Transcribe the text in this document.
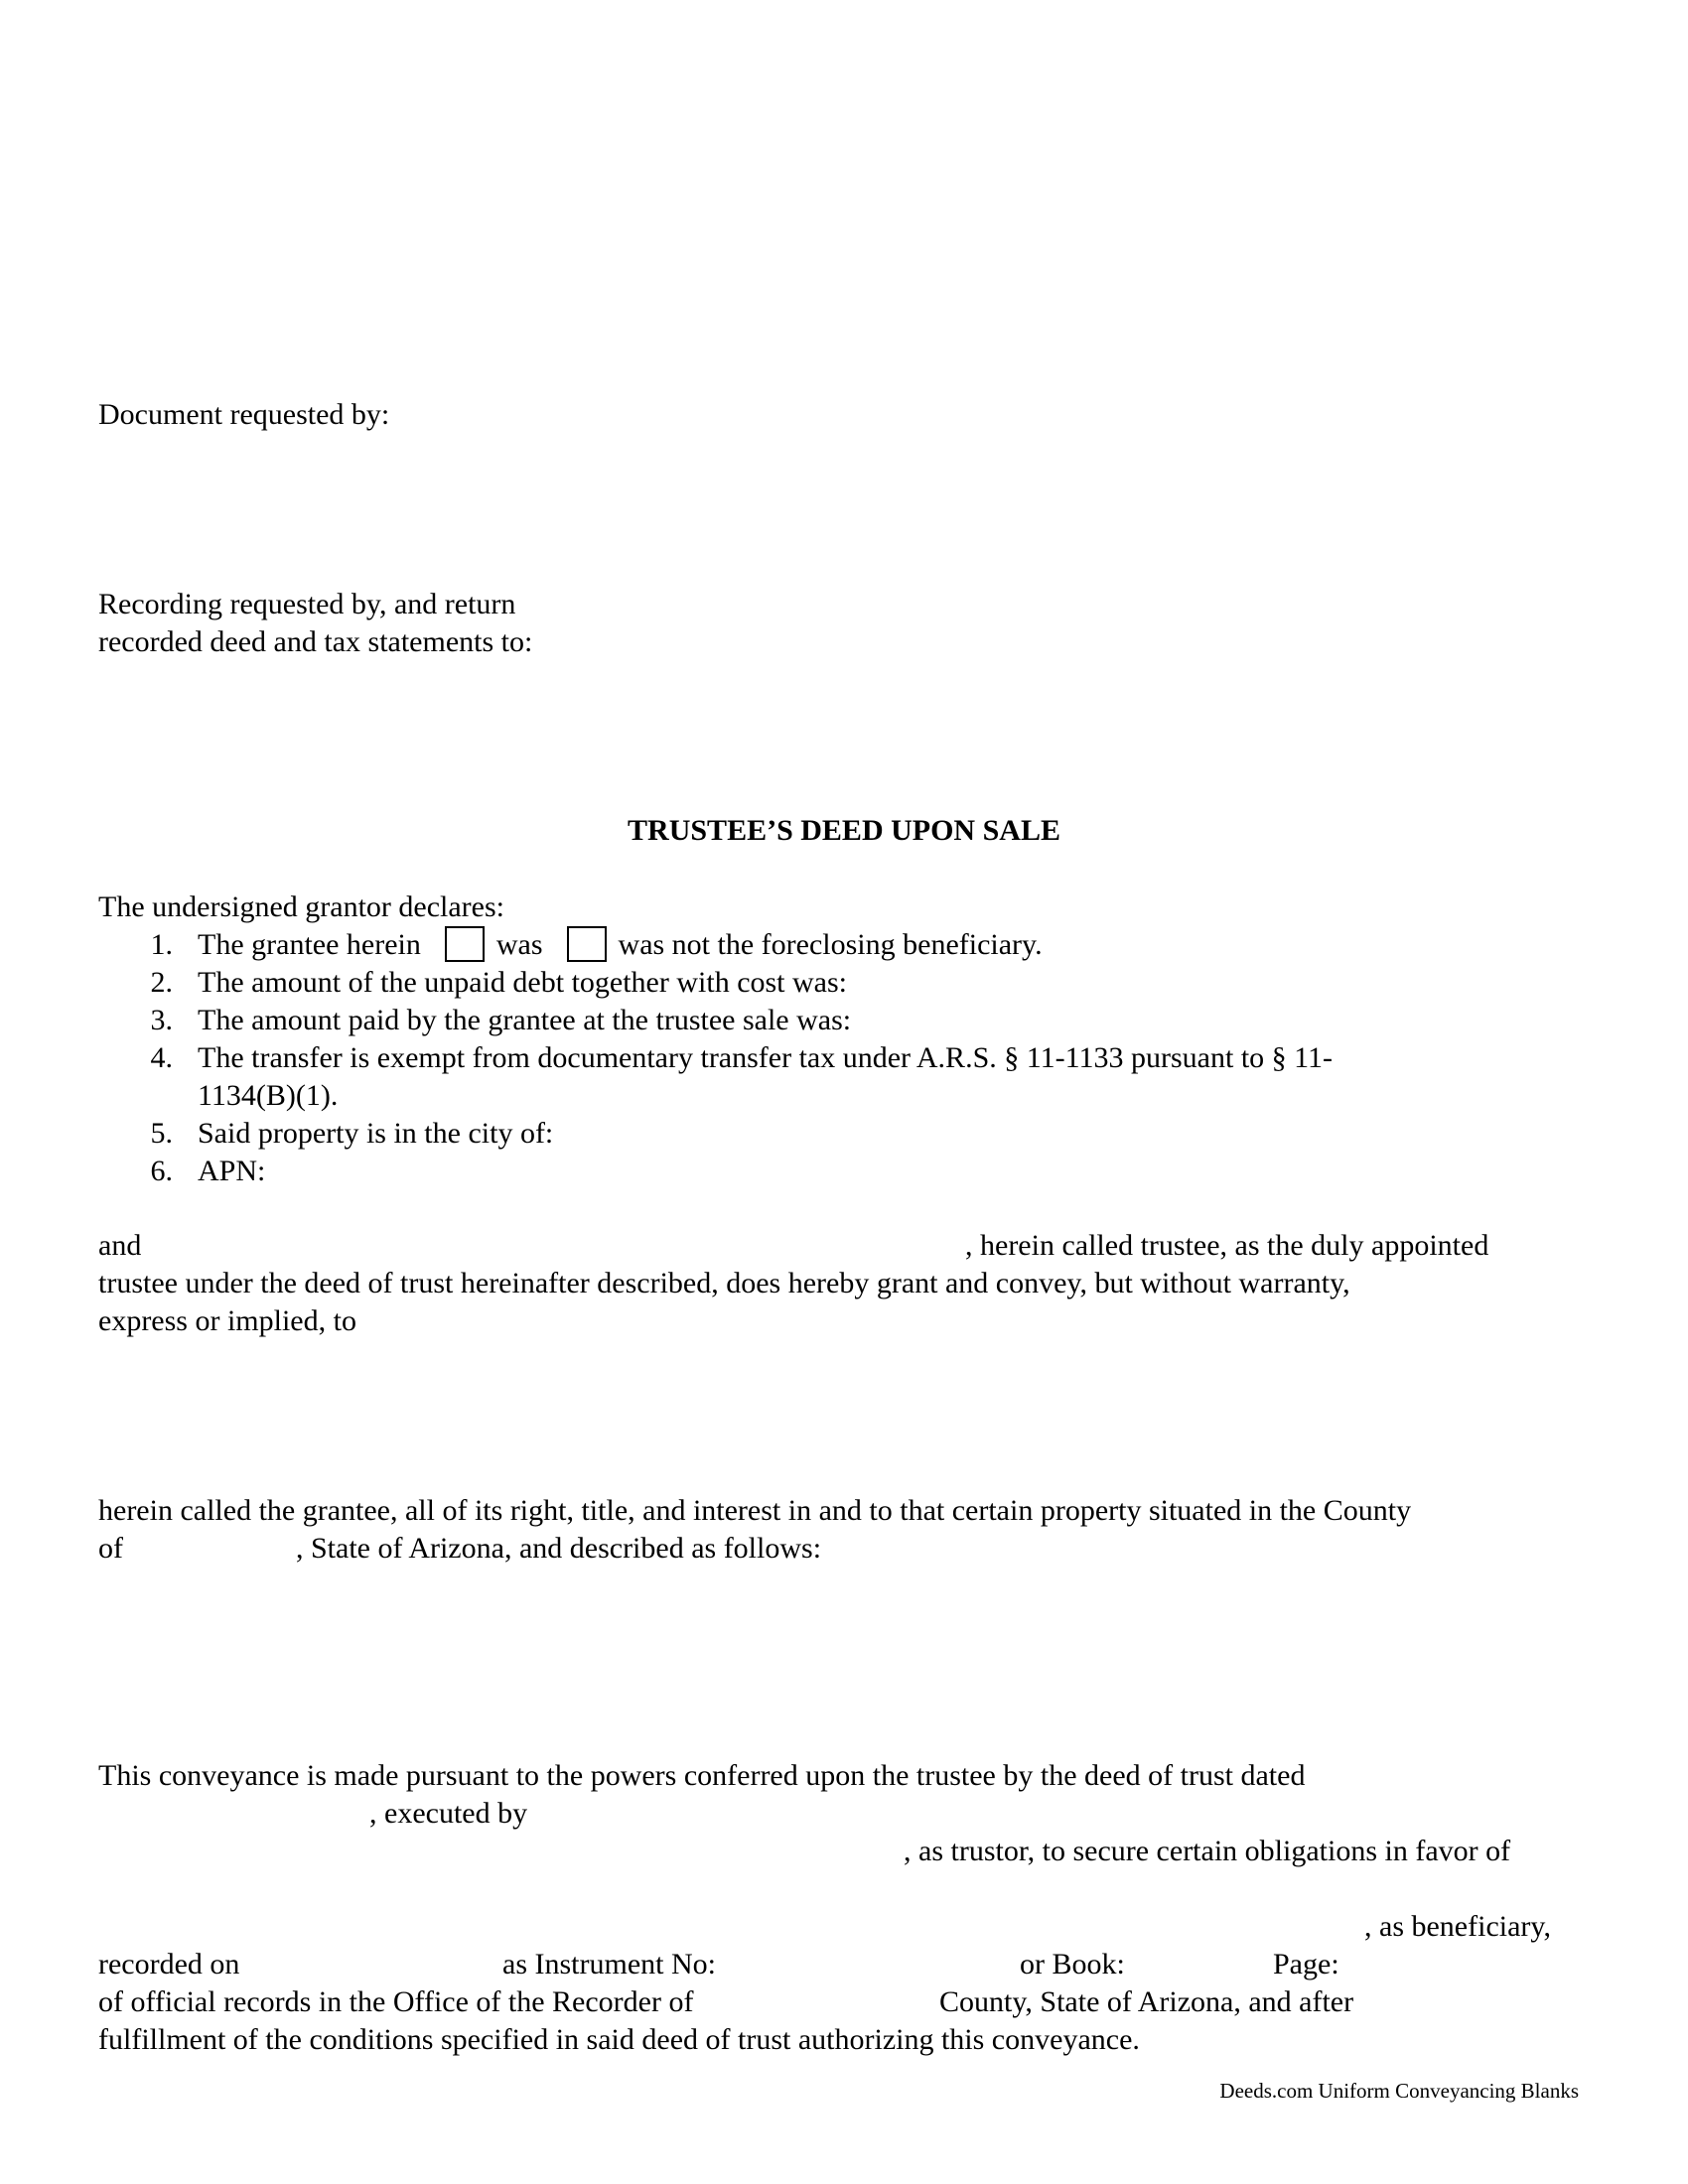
Document requested by:

Recording requested by, and return

recorded deed and tax statements to:

TRUSTEE’S DEED UPON SALE

The undersigned grantor declares:

1. The grantee herein	was	was not the foreclosing beneficiary.

2. The amount of the unpaid debt together with cost was:

3. The amount paid by the grantee at the trustee sale was:

4. The transfer is exempt from documentary transfer tax under A.R.S. § 11-1133 pursuant to § 11-

1134(B)(1).

5. Said property is in the city of:

6. APN:

and	, herein called trustee, as the duly appointed

trustee under the deed of trust hereinafter described, does hereby grant and convey, but without warranty,

express or implied, to

herein called the grantee, all of its right, title, and interest in and to that certain property situated in the County

of	, State of Arizona, and described as follows:

This conveyance is made pursuant to the powers conferred upon the trustee by the deed of trust dated

, executed by

, as trustor, to secure certain obligations in favor of

, as beneficiary,

recorded on	as Instrument No:	or Book:	Page:

of official records in the Office of the Recorder of	County, State of Arizona, and after

fulfillment of the conditions specified in said deed of trust authorizing this conveyance.

Deeds.com Uniform Conveyancing Blanks
